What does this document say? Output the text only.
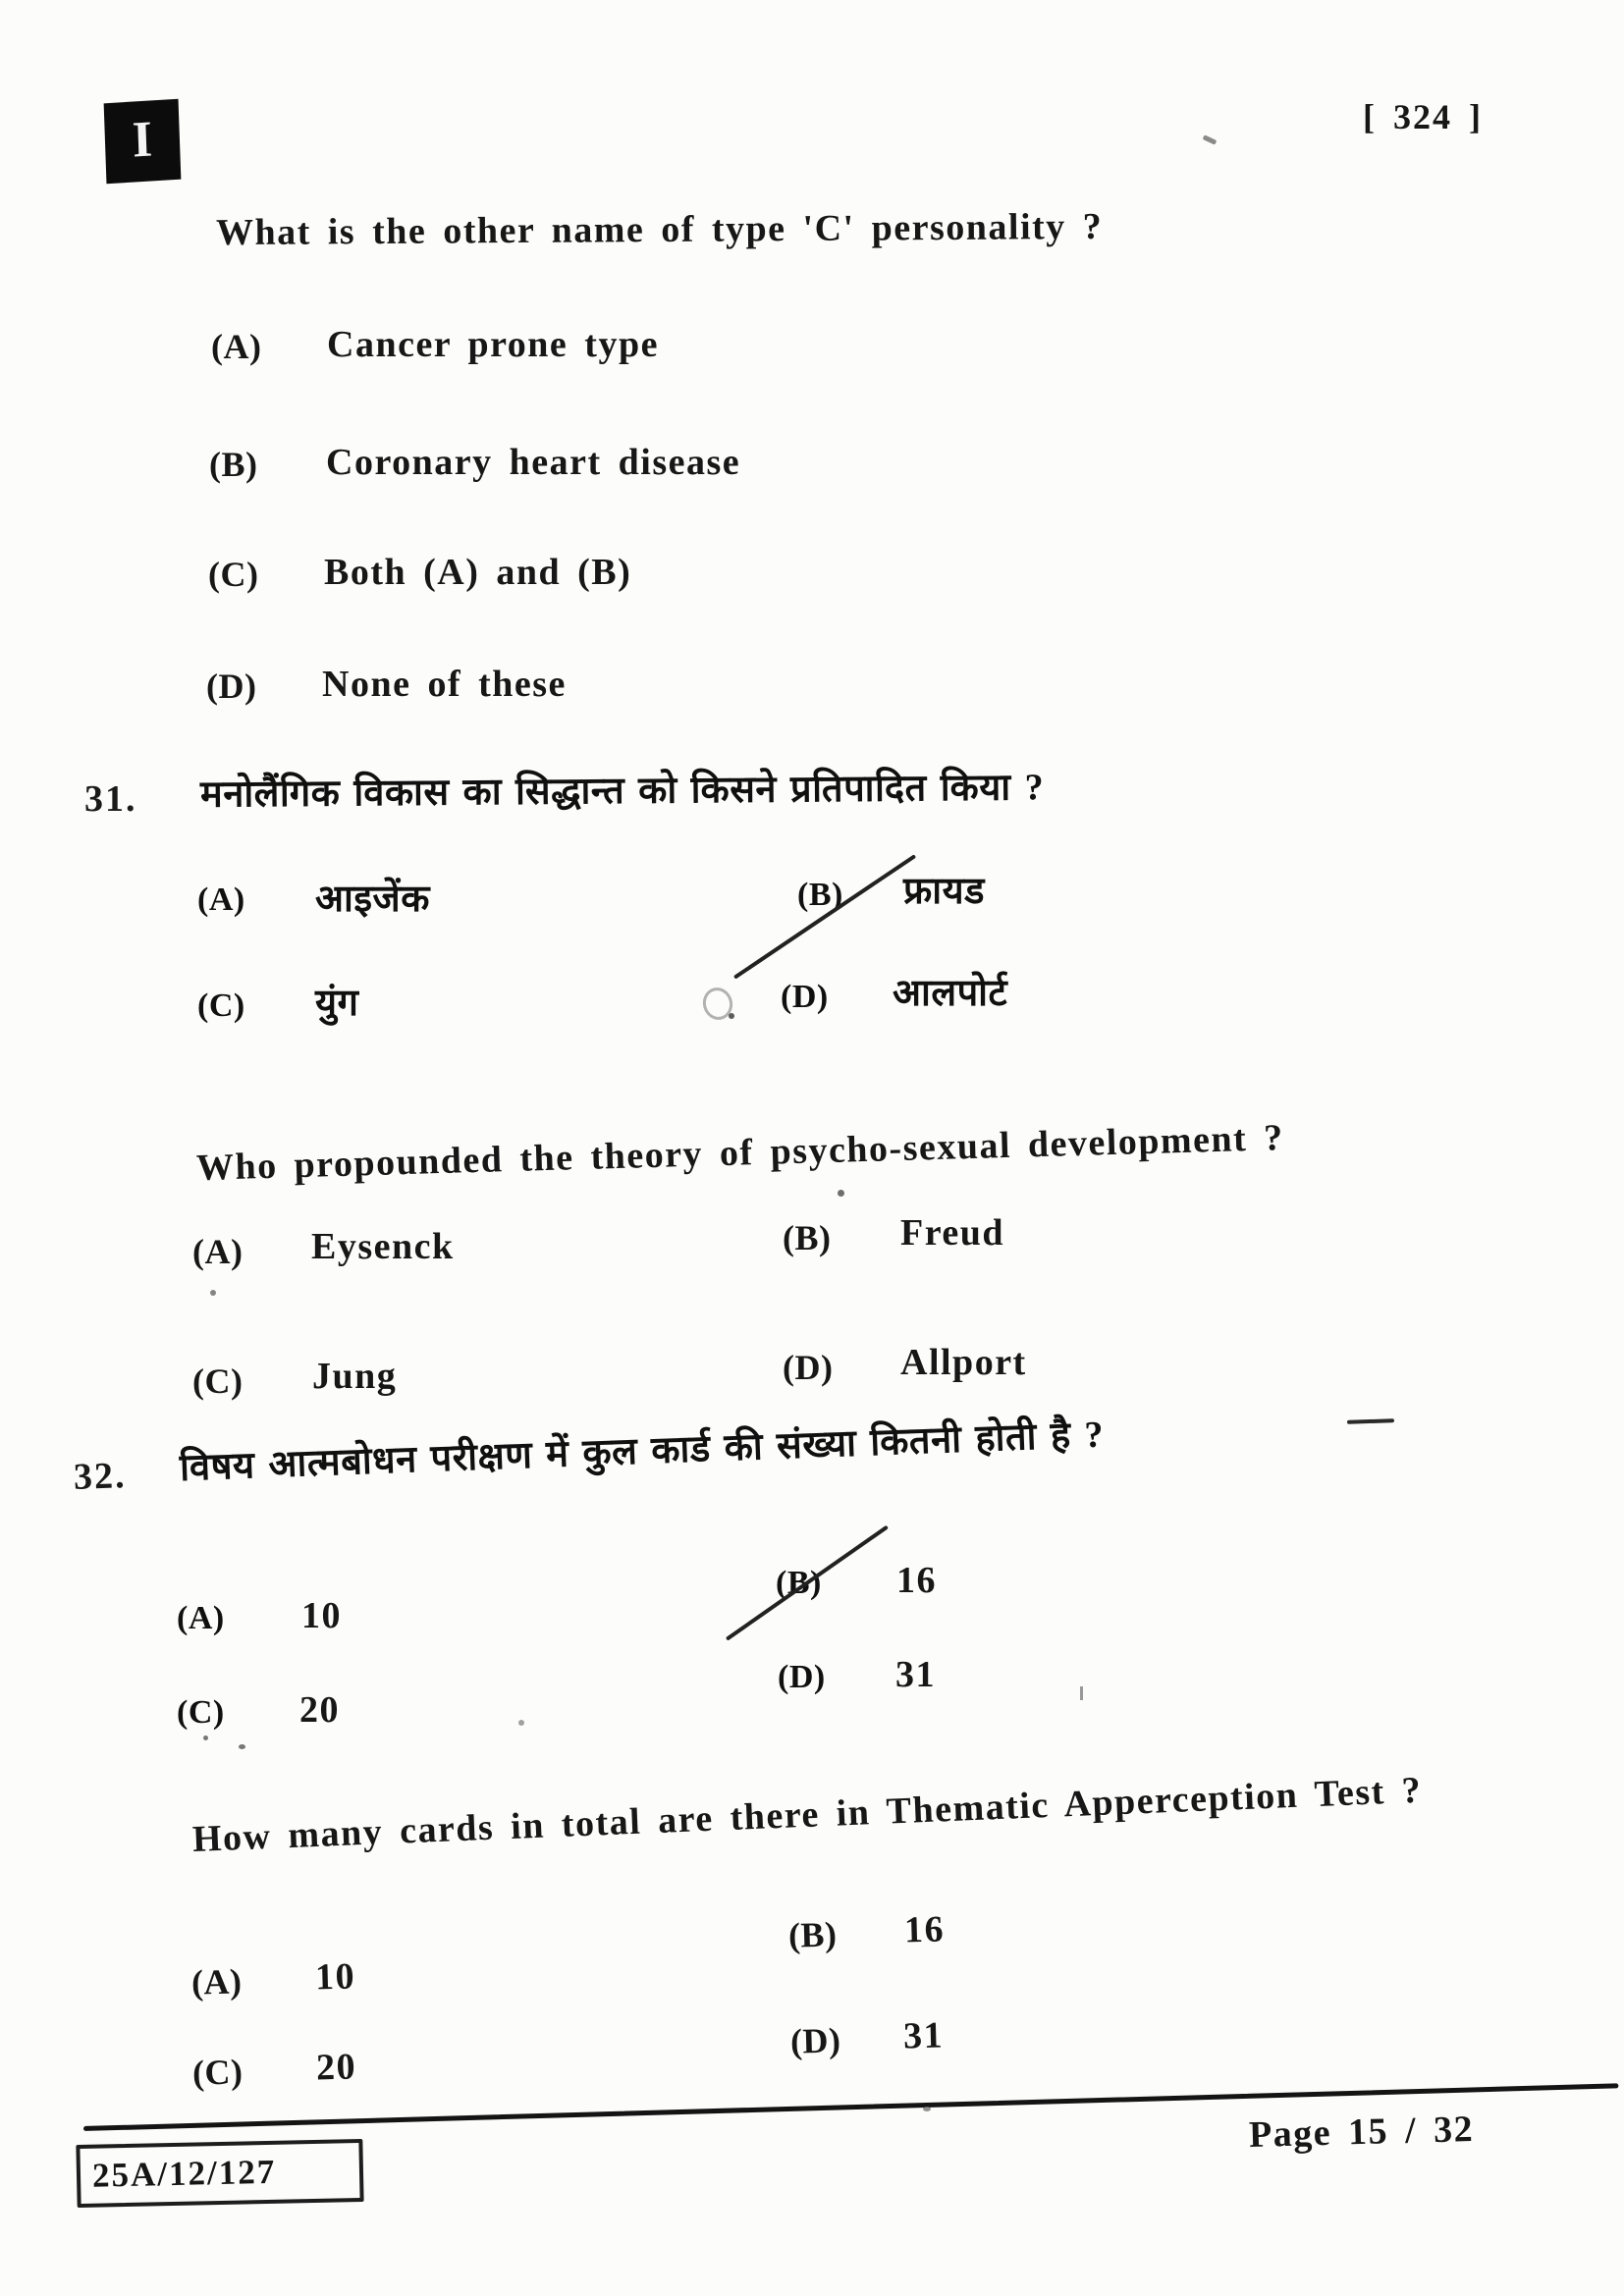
I	[ 324 ]
What is the other name of type 'C' personality ?
(A) Cancer prone type
(B) Coronary heart disease
(C) Both (A) and (B)
(D) None of these
31. मनोलैंगिक विकास का सिद्धान्त को किसने प्रतिपादित किया ?
(A) आइजेंक	(B) फ्रायड
(C) युंग	(D) आलपोर्ट
Who propounded the theory of psycho-sexual development ?
(A) Eysenck	(B) Freud
(C) Jung	(D) Allport
32. विषय आत्मबोधन परीक्षण में कुल कार्ड की संख्या कितनी होती है ?
(A) 10
(B) 16
(C) 20
(D) 31
How many cards in total are there in Thematic Apperception Test ?
(A) 10
(B) 16
(C) 20
(D) 31
Page 15 / 32
25A/12/127
